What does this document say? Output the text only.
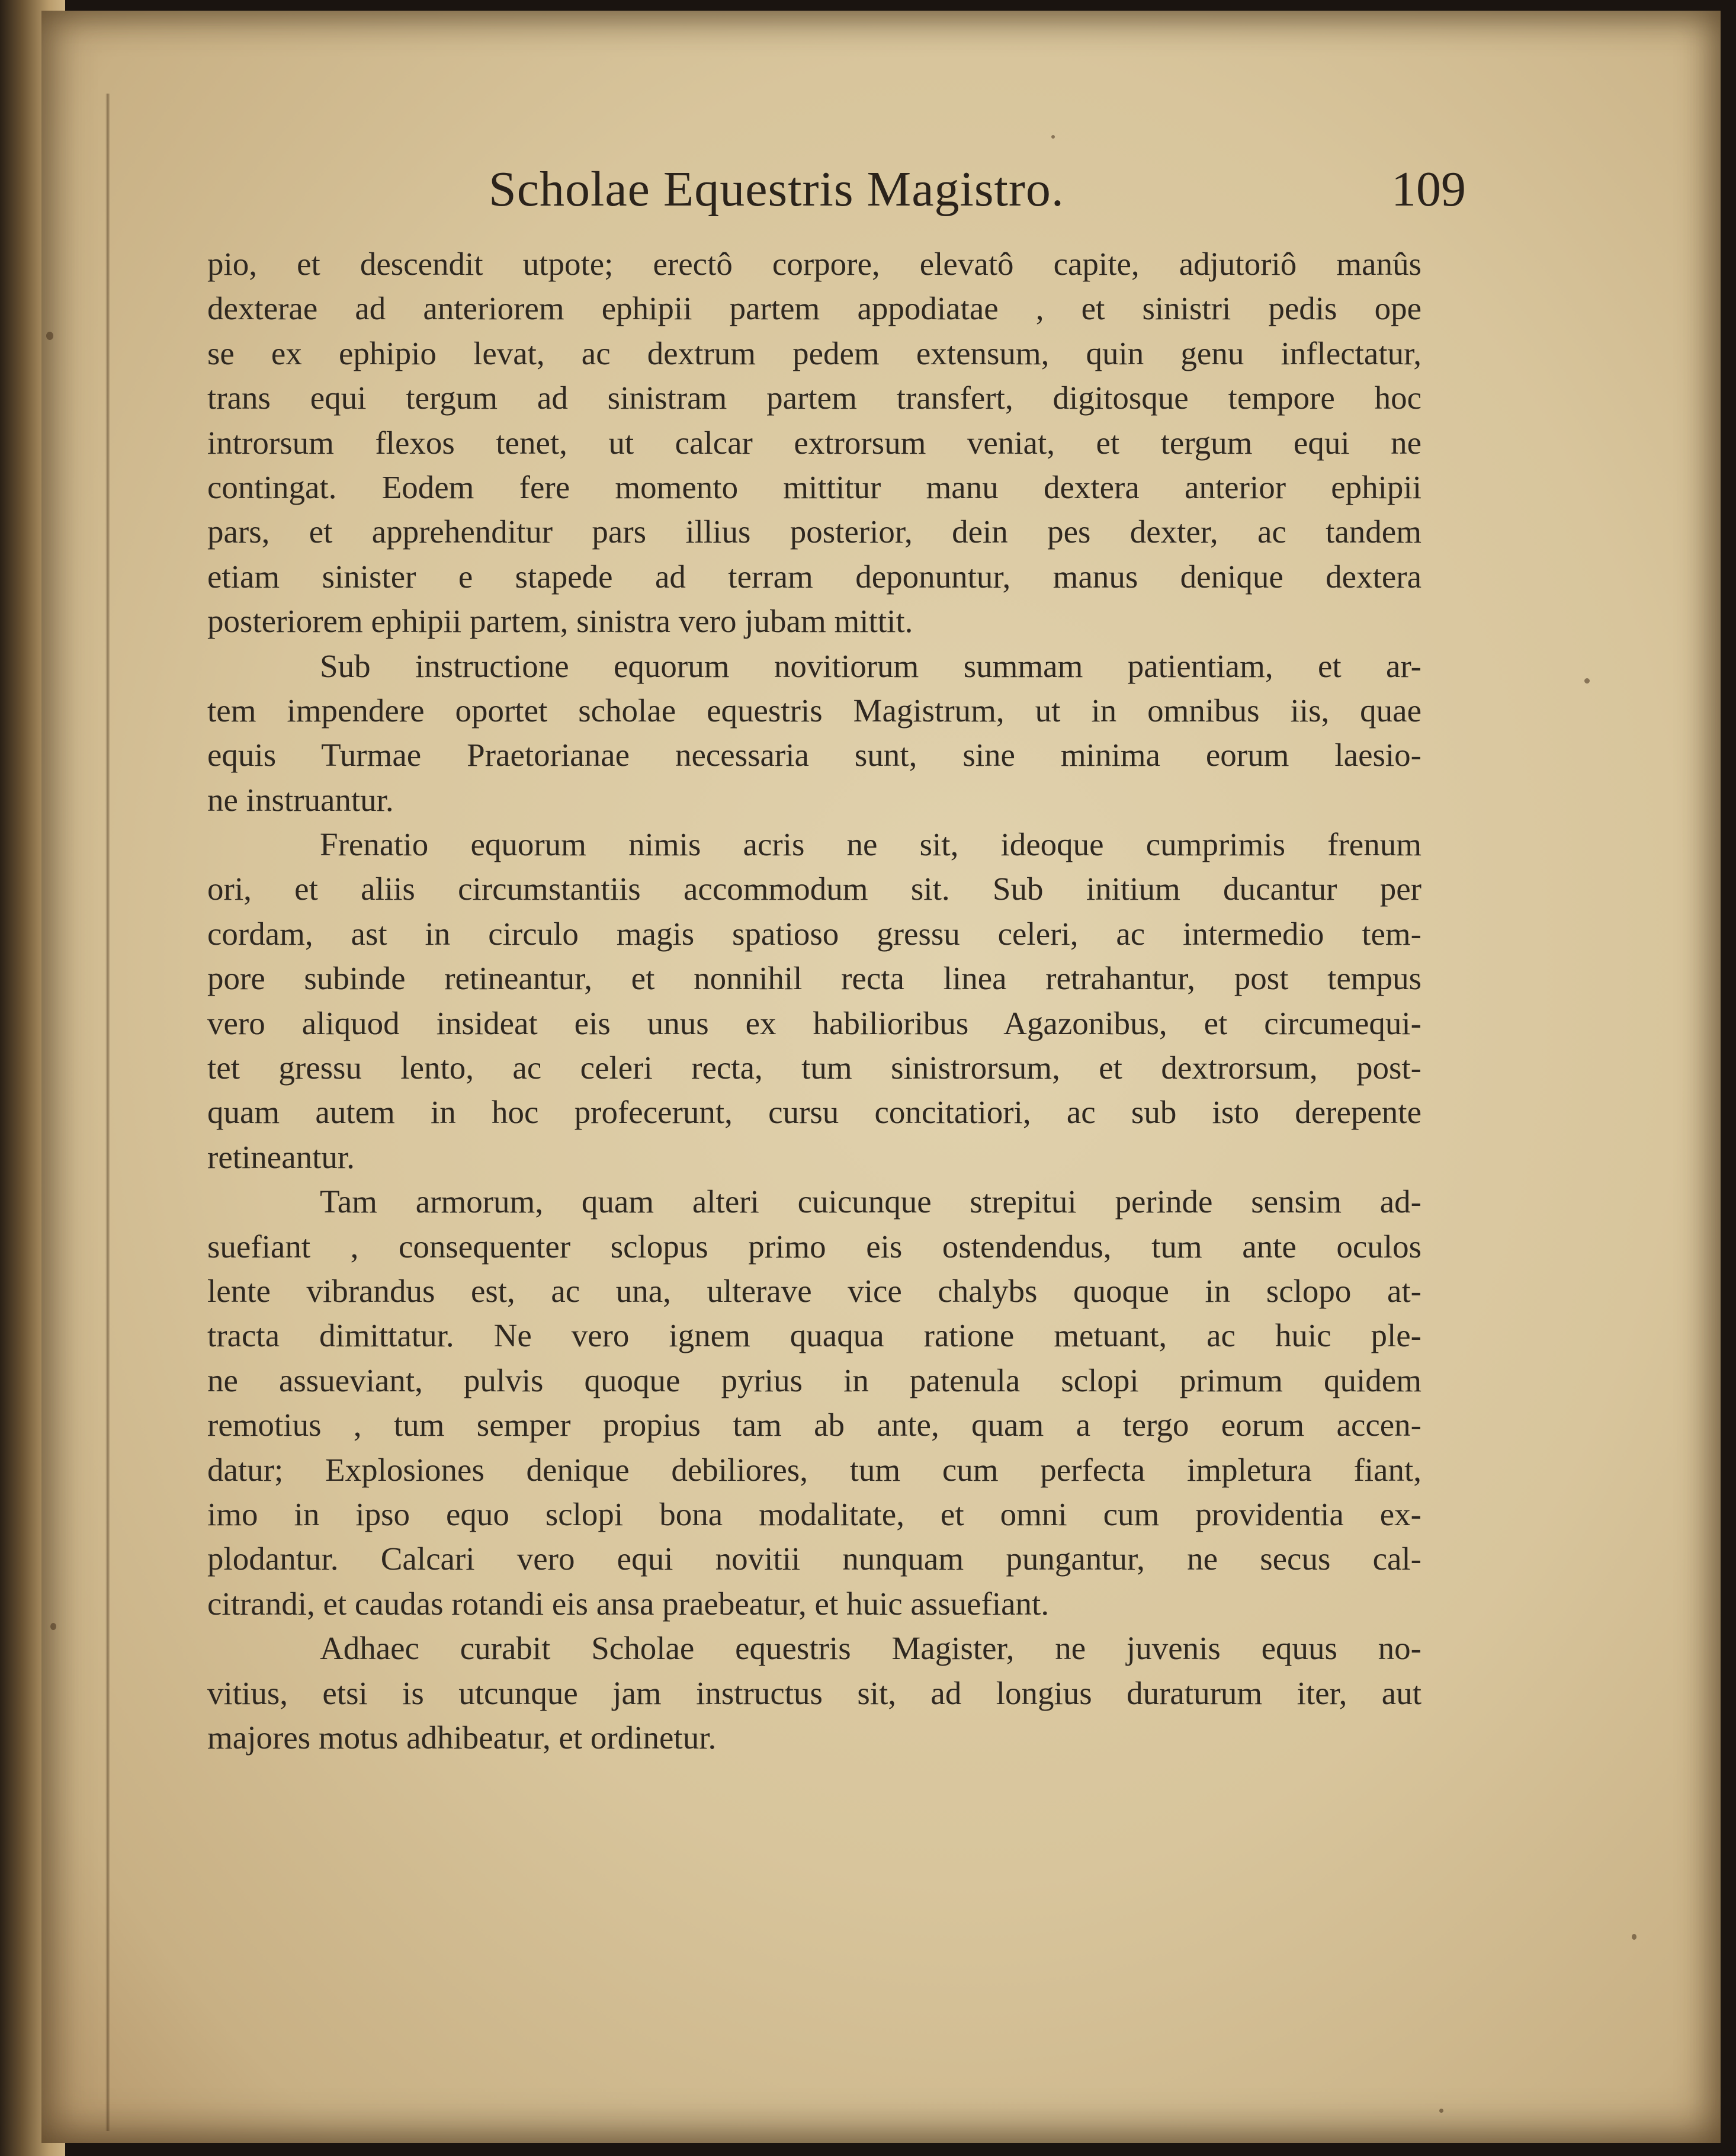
Scholae Equestris Magistro.	109
pio, et descendit utpote; erectô corpore, elevatô capite, adjutoriô manûs
dexterae ad anteriorem ephipii partem appodiatae , et sinistri pedis ope
se ex ephipio levat, ac dextrum pedem extensum, quin genu inflectatur,
trans equi tergum ad sinistram partem transfert, digitosque tempore hoc
introrsum flexos tenet, ut calcar extrorsum veniat, et tergum equi ne
contingat. Eodem fere momento mittitur manu dextera anterior ephipii
pars, et apprehenditur pars illius posterior, dein pes dexter, ac tandem
etiam sinister e stapede ad terram deponuntur, manus denique dextera
posteriorem ephipii partem, sinistra vero jubam mittit.
Sub instructione equorum novitiorum summam patientiam, et ar-
tem impendere oportet scholae equestris Magistrum, ut in omnibus iis, quae
equis Turmae Praetorianae necessaria sunt, sine minima eorum laesio-
ne instruantur.
Frenatio equorum nimis acris ne sit, ideoque cumprimis frenum
ori, et aliis circumstantiis accommodum sit. Sub initium ducantur per
cordam, ast in circulo magis spatioso gressu celeri, ac intermedio tem-
pore subinde retineantur, et nonnihil recta linea retrahantur, post tempus
vero aliquod insideat eis unus ex habilioribus Agazonibus, et circumequi-
tet gressu lento, ac celeri recta, tum sinistrorsum, et dextrorsum, post-
quam autem in hoc profecerunt, cursu concitatiori, ac sub isto derepente
retineantur.
Tam armorum, quam alteri cuicunque strepitui perinde sensim ad-
suefiant , consequenter sclopus primo eis ostendendus, tum ante oculos
lente vibrandus est, ac una, ulterave vice chalybs quoque in sclopo at-
tracta dimittatur. Ne vero ignem quaqua ratione metuant, ac huic ple-
ne assueviant, pulvis quoque pyrius in patenula sclopi primum quidem
remotius , tum semper propius tam ab ante, quam a tergo eorum accen-
datur; Explosiones denique debiliores, tum cum perfecta impletura fiant,
imo in ipso equo sclopi bona modalitate, et omni cum providentia ex-
plodantur. Calcari vero equi novitii nunquam pungantur, ne secus cal-
citrandi, et caudas rotandi eis ansa praebeatur, et huic assuefiant.
Adhaec curabit Scholae equestris Magister, ne juvenis equus no-
vitius, etsi is utcunque jam instructus sit, ad longius duraturum iter, aut
majores motus adhibeatur, et ordinetur.
